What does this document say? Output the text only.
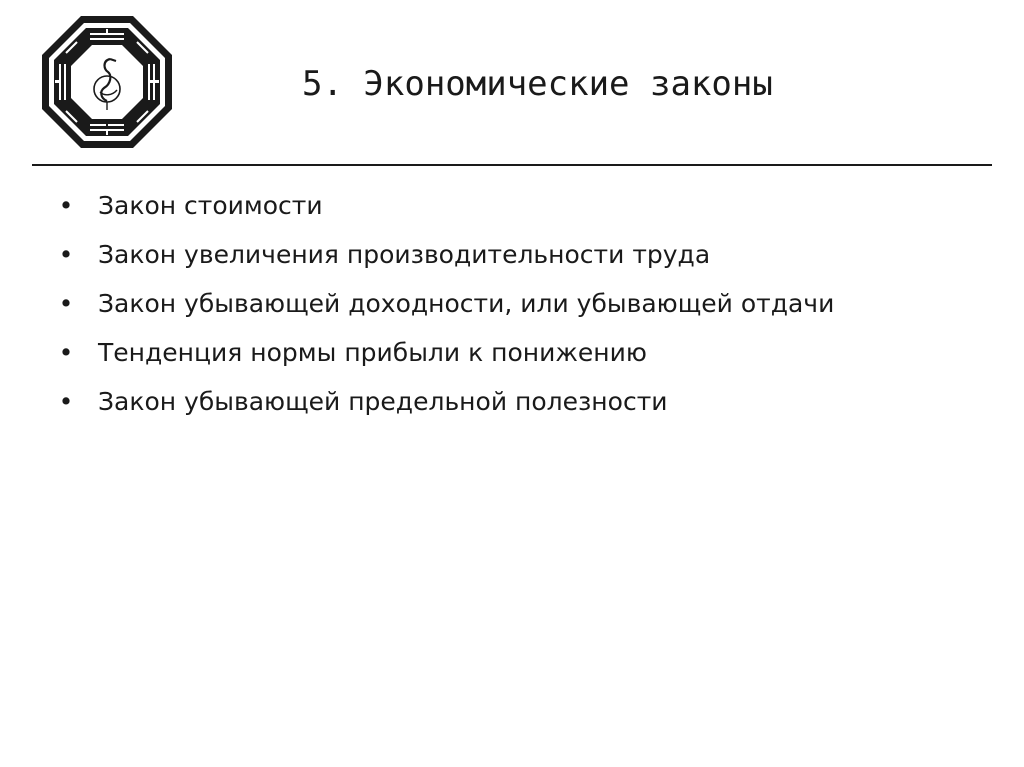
5. Экономические законы
• Закон стоимости
• Закон увеличения производительности труда
• Закон убывающей доходности, или убывающей отдачи
• Тенденция нормы прибыли к понижению
• Закон убывающей предельной полезности
